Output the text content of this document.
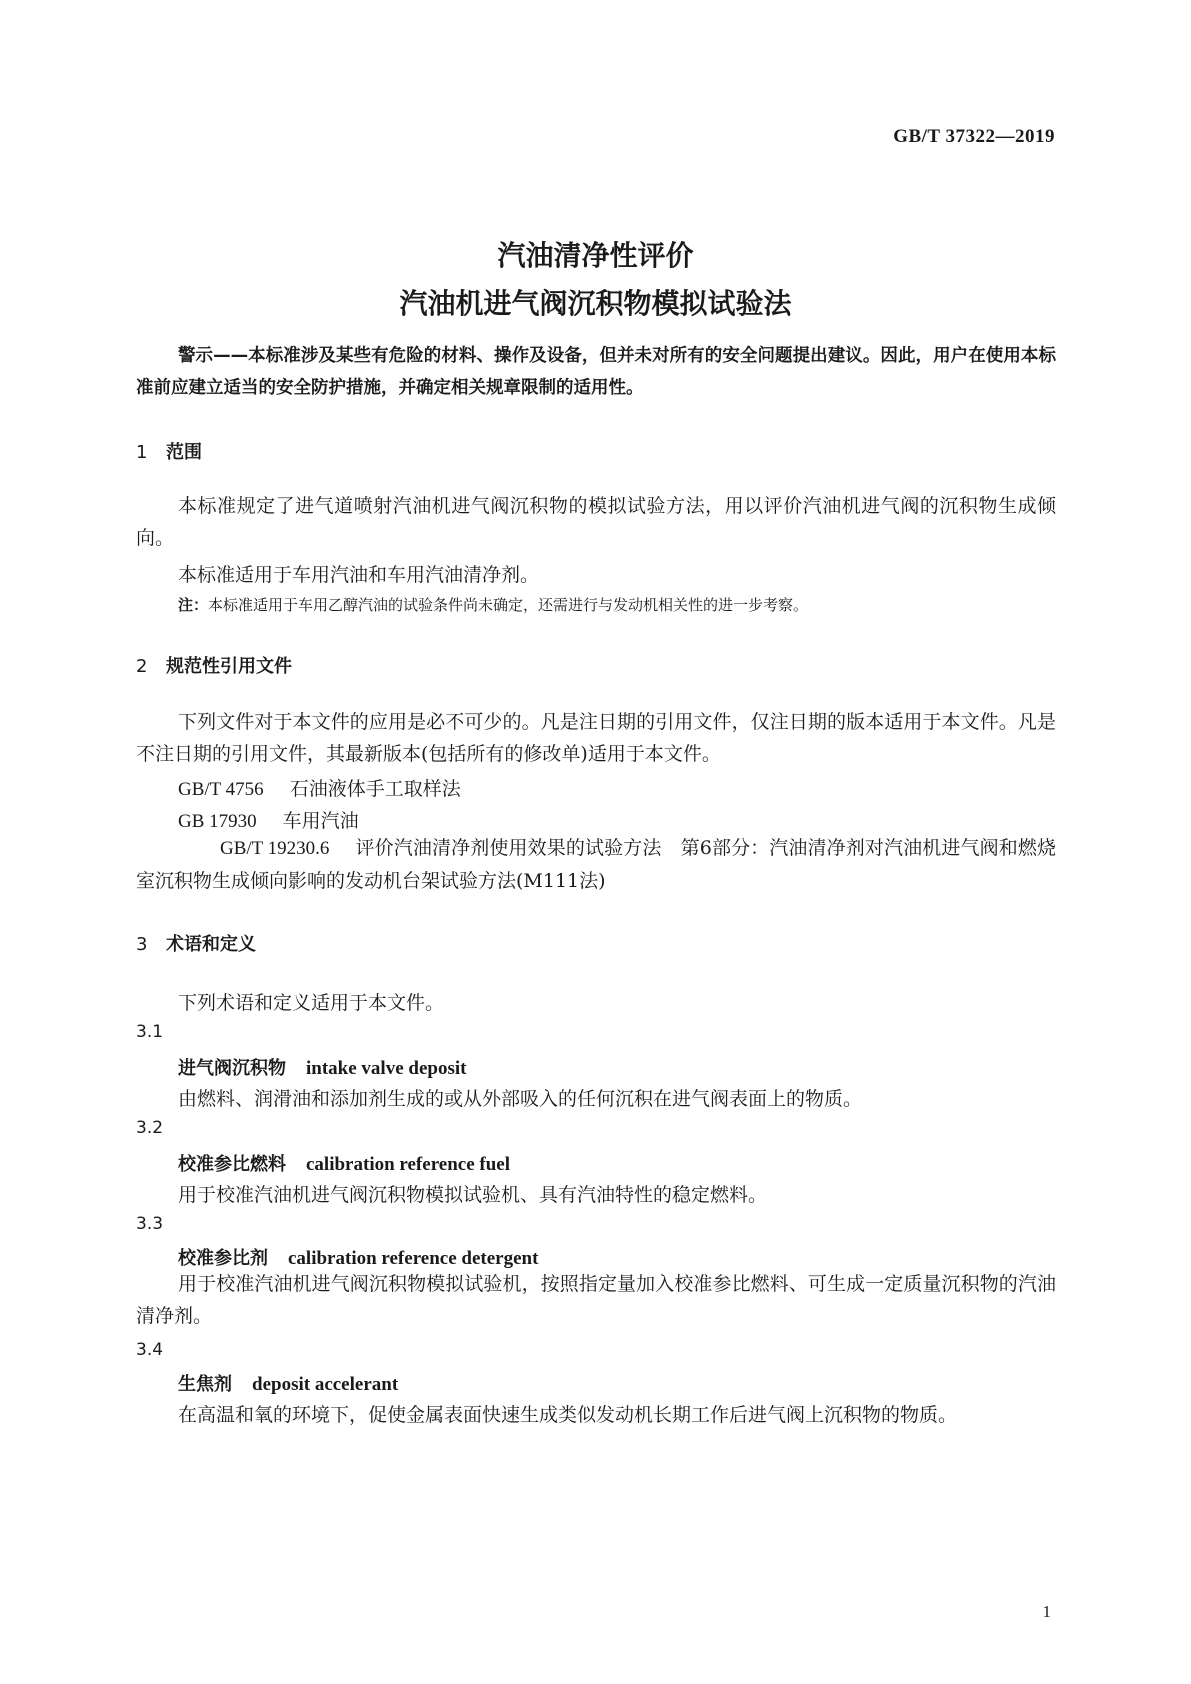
GB/T 37322—2019
汽油清净性评价
汽油机进气阀沉积物模拟试验法

警示——本标准涉及某些有危险的材料、操作及设备，但并未对所有的安全问题提出建议。因此，用户在使用本标准前应建立适当的安全防护措施，并确定相关规章限制的适用性。

1 范围

本标准规定了进气道喷射汽油机进气阀沉积物的模拟试验方法，用以评价汽油机进气阀的沉积物生成倾向。

本标准适用于车用汽油和车用汽油清净剂。
注：本标准适用于车用乙醇汽油的试验条件尚未确定，还需进行与发动机相关性的进一步考察。
2 规范性引用文件

下列文件对于本文件的应用是必不可少的。凡是注日期的引用文件，仅注日期的版本适用于本文件。凡是不注日期的引用文件，其最新版本(包括所有的修改单)适用于本文件。

GB/T 4756 石油液体手工取样法
GB 17930 车用汽油

GB/T 19230.6 评价汽油清净剂使用效果的试验方法　第6部分：汽油清净剂对汽油机进气阀和燃烧室沉积物生成倾向影响的发动机台架试验方法(M111法)

3 术语和定义
下列术语和定义适用于本文件。
3.1
进气阀沉积物 intake valve deposit
由燃料、润滑油和添加剂生成的或从外部吸入的任何沉积在进气阀表面上的物质。
3.2
校准参比燃料 calibration reference fuel
用于校准汽油机进气阀沉积物模拟试验机、具有汽油特性的稳定燃料。
3.3
校准参比剂 calibration reference detergent

用于校准汽油机进气阀沉积物模拟试验机，按照指定量加入校准参比燃料、可生成一定质量沉积物的汽油清净剂。

3.4
生焦剂 deposit accelerant
在高温和氧的环境下，促使金属表面快速生成类似发动机长期工作后进气阀上沉积物的物质。
1
